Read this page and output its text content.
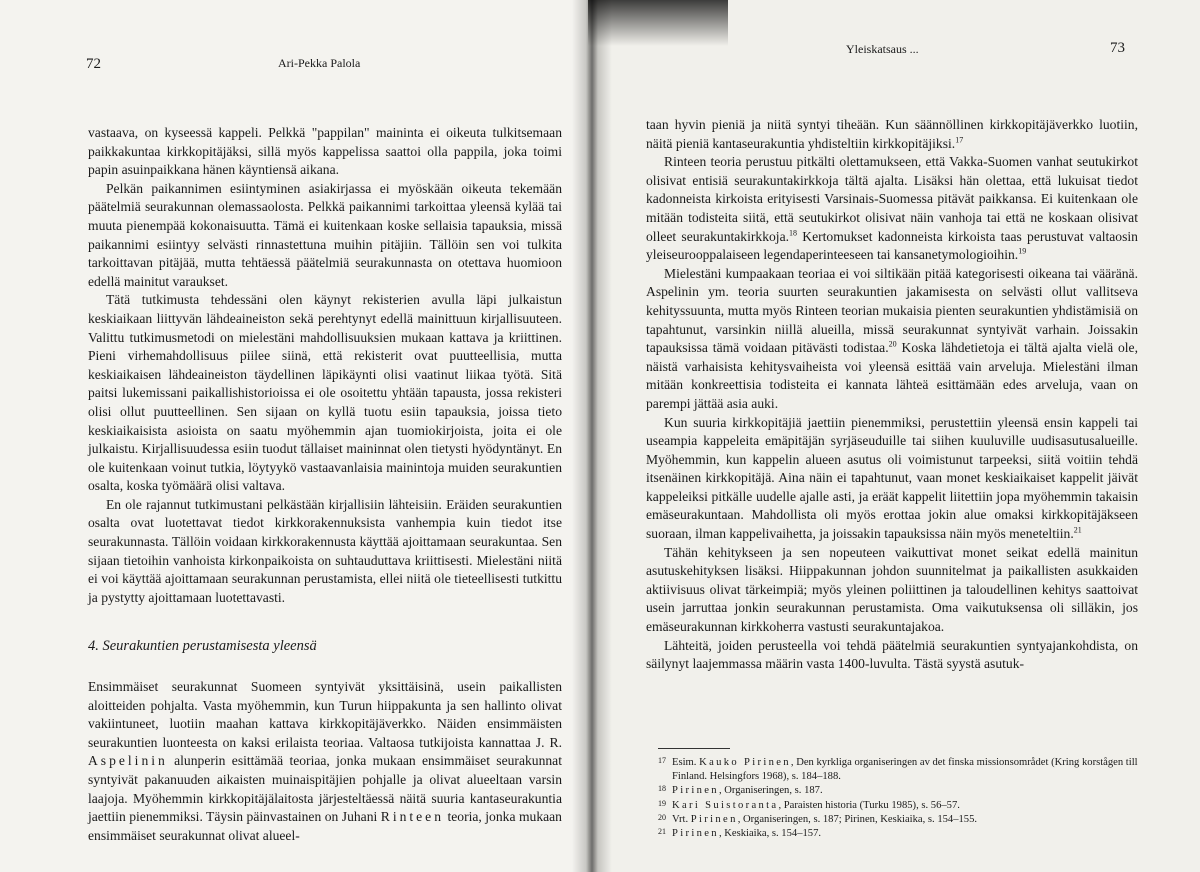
72	Ari-Pekka Palola

vastaava, on kyseessä kappeli. Pelkkä "pappilan" maininta ei oikeuta tulkitsemaan paikkakuntaa kirkkopitäjäksi, sillä myös kappelissa saattoi olla pappila, joka toimi papin asuinpaikkana hänen käyntiensä aikana.

Pelkän paikannimen esiintyminen asiakirjassa ei myöskään oikeuta tekemään päätelmiä seurakunnan olemassaolosta. Pelkkä paikannimi tarkoittaa yleensä kylää tai muuta pienempää kokonaisuutta. Tämä ei kuitenkaan koske sellaisia tapauksia, missä paikannimi esiintyy selvästi rinnastettuna muihin pitäjiin. Tällöin sen voi tulkita tarkoittavan pitäjää, mutta tehtäessä päätelmiä seurakunnasta on otettava huomioon edellä mainitut varaukset.

Tätä tutkimusta tehdessäni olen käynyt rekisterien avulla läpi julkaistun keskiaikaan liittyvän lähdeaineiston sekä perehtynyt edellä mainittuun kirjallisuuteen. Valittu tutkimusmetodi on mielestäni mahdollisuuksien mukaan kattava ja kriittinen. Pieni virhemahdollisuus piilee siinä, että rekisterit ovat puutteellisia, mutta keskiaikaisen lähdeaineiston täydellinen läpikäynti olisi vaatinut liikaa työtä. Sitä paitsi lukemissani paikallishistorioissa ei ole osoitettu yhtään tapausta, jossa rekisteri olisi ollut puutteellinen. Sen sijaan on kyllä tuotu esiin tapauksia, joissa tieto keskiaikaisista asioista on saatu myöhemmin ajan tuomiokirjoista, joita ei ole julkaistu. Kirjallisuudessa esiin tuodut tällaiset maininnat olen tietysti hyödyntänyt. En ole kuitenkaan voinut tutkia, löytyykö vastaavanlaisia mainintoja muiden seurakuntien osalta, koska työmäärä olisi valtava.

En ole rajannut tutkimustani pelkästään kirjallisiin lähteisiin. Eräiden seurakuntien osalta ovat luotettavat tiedot kirkkorakennuksista vanhempia kuin tiedot itse seurakunnasta. Tällöin voidaan kirkkorakennusta käyttää ajoittamaan seurakuntaa. Sen sijaan tietoihin vanhoista kirkonpaikoista on suhtauduttava kriittisesti. Mielestäni niitä ei voi käyttää ajoittamaan seurakunnan perustamista, ellei niitä ole tieteellisesti tutkittu ja pystytty ajoittamaan luotettavasti.

4. Seurakuntien perustamisesta yleensä

Ensimmäiset seurakunnat Suomeen syntyivät yksittäisinä, usein paikallisten aloitteiden pohjalta. Vasta myöhemmin, kun Turun hiippakunta ja sen hallinto olivat vakiintuneet, luotiin maahan kattava kirkkopitäjäverkko. Näiden ensimmäisten seurakuntien luonteesta on kaksi erilaista teoriaa. Valtaosa tutkijoista kannattaa J. R. Aspelinin alunperin esittämää teoriaa, jonka mukaan ensimmäiset seurakunnat syntyivät pakanuuden aikaisten muinaispitäjien pohjalle ja olivat alueeltaan varsin laajoja. Myöhemmin kirkkopitäjälaitosta järjesteltäessä näitä suuria kantaseurakuntia jaettiin pienemmiksi. Täysin päinvastainen on Juhani Rinteen teoria, jonka mukaan ensimmäiset seurakunnat olivat alueel-

Yleiskatsaus ...	73

taan hyvin pieniä ja niitä syntyi tiheään. Kun säännöllinen kirkkopitäjäverkko luotiin, näitä pieniä kantaseurakuntia yhdisteltiin kirkkopitäjiksi.$^{17}$

Rinteen teoria perustuu pitkälti olettamukseen, että Vakka-Suomen vanhat seutukirkot olisivat entisiä seurakuntakirkkoja tältä ajalta. Lisäksi hän olettaa, että lukuisat tiedot kadonneista kirkoista erityisesti Varsinais-Suomessa pitävät paikkansa. Ei kuitenkaan ole mitään todisteita siitä, että seutukirkot olisivat näin vanhoja tai että ne koskaan olisivat olleet seurakuntakirkkoja.$^{18}$ Kertomukset kadonneista kirkoista taas perustuvat valtaosin yleiseurooppalaiseen legendaperinteeseen tai kansanetymologioihin.$^{19}$

Mielestäni kumpaakaan teoriaa ei voi siltikään pitää kategorisesti oikeana tai vääränä. Aspelinin ym. teoria suurten seurakuntien jakamisesta on selvästi ollut vallitseva kehityssuunta, mutta myös Rinteen teorian mukaisia pienten seurakuntien yhdistämisiä on tapahtunut, varsinkin niillä alueilla, missä seurakunnat syntyivät varhain. Joissakin tapauksissa tämä voidaan pitävästi todistaa.$^{20}$ Koska lähdetietoja ei tältä ajalta vielä ole, näistä varhaisista kehitysvaiheista voi yleensä esittää vain arveluja. Mielestäni ilman mitään konkreettisia todisteita ei kannata lähteä esittämään edes arveluja, vaan on parempi jättää asia auki.

Kun suuria kirkkopitäjiä jaettiin pienemmiksi, perustettiin yleensä ensin kappeli tai useampia kappeleita emäpitäjän syrjäseuduille tai siihen kuuluville uudisasutusalueille. Myöhemmin, kun kappelin alueen asutus oli voimistunut tarpeeksi, siitä voitiin tehdä itsenäinen kirkkopitäjä. Aina näin ei tapahtunut, vaan monet keskiaikaiset kappelit jäivät kappeleiksi pitkälle uudelle ajalle asti, ja eräät kappelit liitettiin jopa myöhemmin takaisin emäseurakuntaan. Mahdollista oli myös erottaa jokin alue omaksi kirkkopitäjäkseen suoraan, ilman kappelivaihetta, ja joissakin tapauksissa näin myös meneteltiin.$^{21}$

Tähän kehitykseen ja sen nopeuteen vaikuttivat monet seikat edellä mainitun asutuskehityksen lisäksi. Hiippakunnan johdon suunnitelmat ja paikallisten asukkaiden aktiivisuus olivat tärkeimpiä; myös yleinen poliittinen ja taloudellinen kehitys saattoivat usein jarruttaa jonkin seurakunnan perustamista. Oma vaikutuksensa oli silläkin, jos emäseurakunnan kirkkoherra vastusti seurakuntajakoa.

Lähteitä, joiden perusteella voi tehdä päätelmiä seurakuntien syntyajankohdista, on säilynyt laajemmassa määrin vasta 1400-luvulta. Tästä syystä asutuk-

17 Esim. Kauko Pirinen, Den kyrkliga organiseringen av det finska missionsområdet (Kring korstågen till Finland. Helsingfors 1968), s. 184–188.
18 Pirinen, Organiseringen, s. 187.
19 Kari Suistoranta, Paraisten historia (Turku 1985), s. 56–57.
20 Vrt. Pirinen, Organiseringen, s. 187; Pirinen, Keskiaika, s. 154–155.
21 Pirinen, Keskiaika, s. 154–157.
